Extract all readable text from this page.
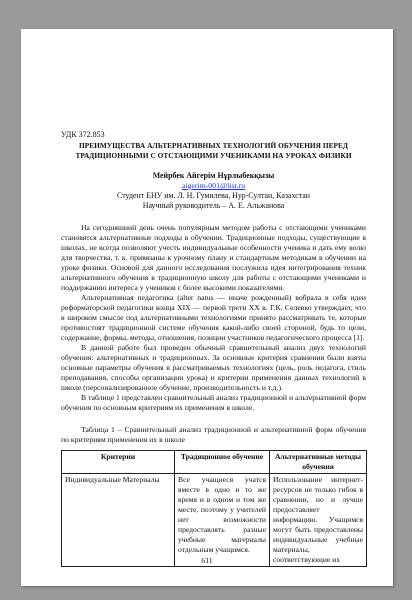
УДК 372.853
ПРЕИМУЩЕСТВА АЛЬТЕРНАТИВНЫХ ТЕХНОЛОГИЙ ОБУЧЕНИЯ ПЕРЕД
ТРАДИЦИОННЫМИ С ОТСТАЮЩИМИ УЧЕНИКАМИ НА УРОКАХ ФИЗИКИ
Мейрбек Айгерім Нұрлыбекқызы
aigerim-001@list.ru
Студент ЕНУ им. Л. Н. Гумилева, Нур-Султан, Казахстан
Научный руководитель – А. Е. Альжанова

На сегодняшний день очень популярным методом работы с отстающими учениками становятся альтернативные подходы в обучении. Традиционные подходы, существующие в школах, не всегда позволяют учесть индивидуальные особенности ученика и дать ему волю для творчества, т. к. привязаны к урочному плану и стандартным методикам в обучении на уроке физики. Основой для данного исследования послужила идея интегрирования техник альтернативного обучения в традиционную школу для работы с отстающими учениками и поддержанию интереса у учеников с более высокими показателями.

Альтернативная педагогика (alter natus — иначе рожденный) вобрала в себя идеи реформаторской педагогики конца XIX — первой трети XX в. Г.К. Селевко утверждает, что в широком смысле под альтернативными технологиями принято рассматривать те, которые противостоят традиционной системе обучения какой-либо своей стороной, будь то цели, содержание, формы, методы, отношения, позиции участников педагогического процесса [1].

В данной работе был проведен обычный сравнительный анализ двух технологий обучения: альтернативных и традиционных. За основные критерия сравнения были взяты основные параметры обучения в рассматриваемых технологиях (цель, роль педагога, стиль преподавания, способы организации урока) и критерии применения данных технологий в школе (персонализированное обучение, производительность и т.д.).

В таблице 1 представлен сравнительный анализ традиционной и альтернативной форм обучения по основным критериям их применения в школе.

Таблица 1 – Сравнительный анализ традиционной и альтернативной форм обучения по критериям применения их в школе
Критерии	Традиционное обучение	Альтернативные методы обучения
Индивидуальные Материалы	Все учащиеся учатся вместе в одно и то же время и в одном и том же месте, поэтому у учителей нет возможности предоставлять разные учебные материалы отдельным учащимся.	Использование интернет-ресурсов не только гибок в сравнении, но и лучше предоставляет информацию. Учащимся могут быть предоставлены индивидуальные учебные материалы, соответствующие их
611
